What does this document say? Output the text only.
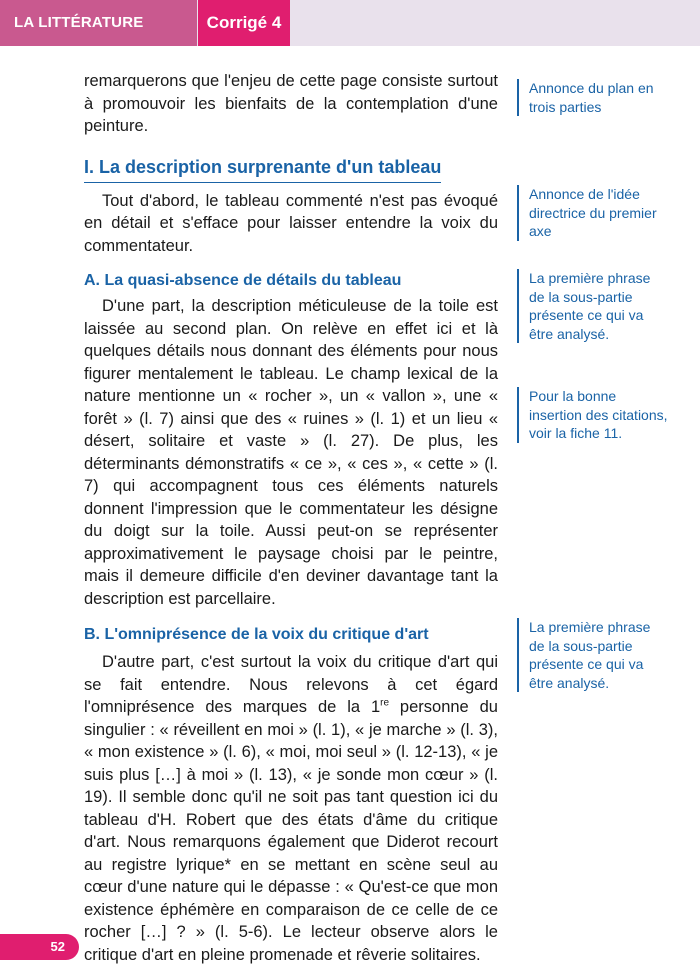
LA LITTÉRATURE D'IDÉES
Corrigé 4

remarquerons que l'enjeu de cette page consiste surtout à promouvoir les bienfaits de la contemplation d'une peinture.

I. La description surprenante d'un tableau

Tout d'abord, le tableau commenté n'est pas évoqué en détail et s'efface pour laisser entendre la voix du commentateur.

A. La quasi-absence de détails du tableau

D'une part, la description méticuleuse de la toile est laissée au second plan. On relève en effet ici et là quelques détails nous donnant des éléments pour nous figurer mentalement le tableau. Le champ lexical de la nature mentionne un « rocher », un « vallon », une « forêt » (l. 7) ainsi que des « ruines » (l. 1) et un lieu « désert, solitaire et vaste » (l. 27). De plus, les déterminants démonstratifs « ce », « ces », « cette » (l. 7) qui accompagnent tous ces éléments naturels donnent l'impression que le commentateur les désigne du doigt sur la toile. Aussi peut-on se représenter approximativement le paysage choisi par le peintre, mais il demeure difficile d'en deviner davantage tant la description est parcellaire.

B. L'omniprésence de la voix du critique d'art

D'autre part, c'est surtout la voix du critique d'art qui se fait entendre. Nous relevons à cet égard l'omniprésence des marques de la 1re personne du singulier : « réveillent en moi » (l. 1), « je marche » (l. 3), « mon existence » (l. 6), « moi, moi seul » (l. 12-13), « je suis plus […] à moi » (l. 13), « je sonde mon cœur » (l. 19). Il semble donc qu'il ne soit pas tant question ici du tableau d'H. Robert que des états d'âme du critique d'art. Nous remarquons également que Diderot recourt au registre lyrique* en se mettant en scène seul au cœur d'une nature qui le dépasse : « Qu'est-ce que mon existence éphémère en comparaison de ce celle de ce rocher […] ? » (l. 5-6). Le lecteur observe alors le critique d'art en pleine promenade et rêverie solitaires.

Annonce du plan en trois parties
Annonce de l'idée directrice du premier axe
La première phrase de la sous-partie présente ce qui va être analysé.
Pour la bonne insertion des citations, voir la fiche 11.
La première phrase de la sous-partie présente ce qui va être analysé.
52
